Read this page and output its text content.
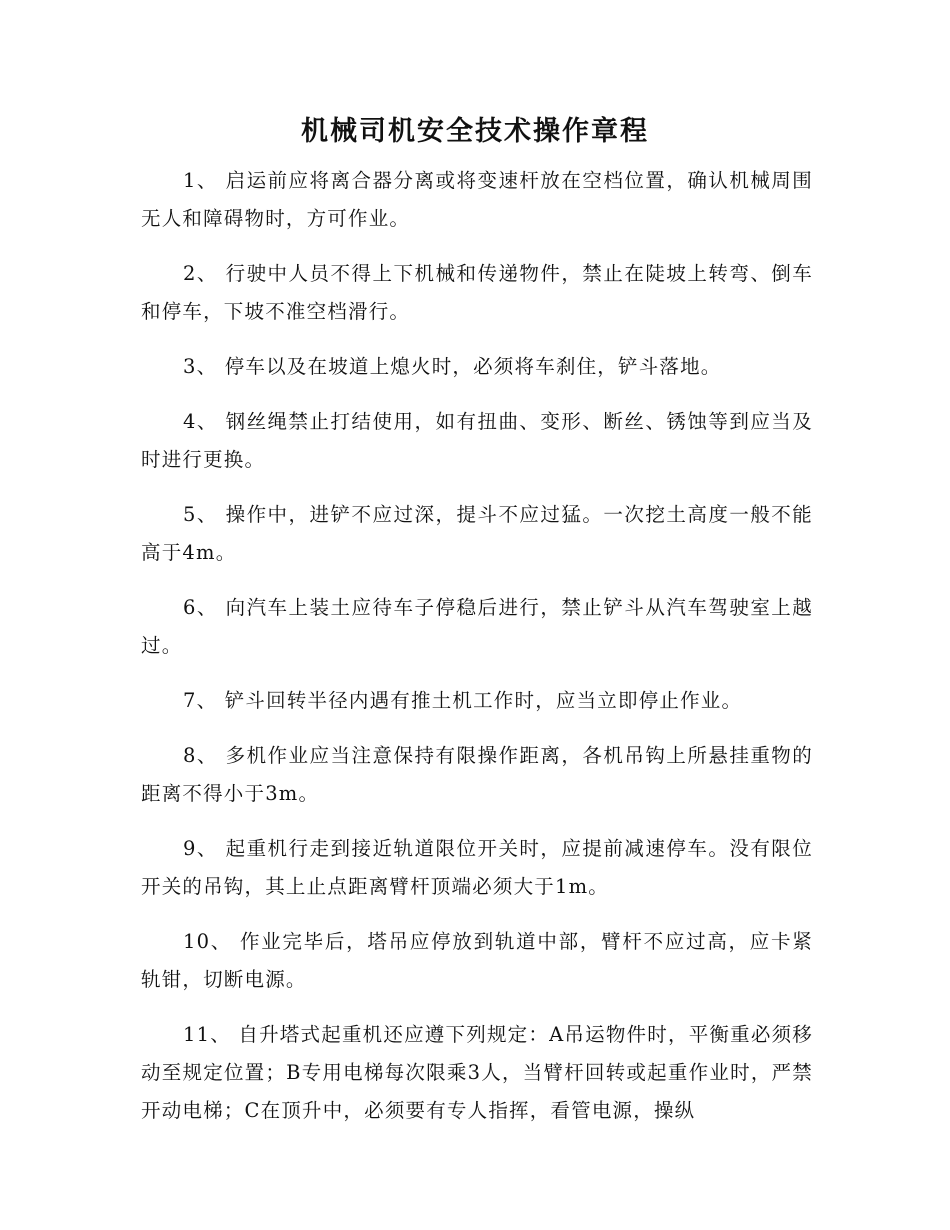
机械司机安全技术操作章程

1、 启运前应将离合器分离或将变速杆放在空档位置，确认机械周围无人和障碍物时，方可作业。

2、 行驶中人员不得上下机械和传递物件，禁止在陡坡上转弯、倒车和停车，下坡不准空档滑行。

3、 停车以及在坡道上熄火时，必须将车刹住，铲斗落地。

4、 钢丝绳禁止打结使用，如有扭曲、变形、断丝、锈蚀等到应当及时进行更换。

5、 操作中，进铲不应过深，提斗不应过猛。一次挖土高度一般不能高于4m。

6、 向汽车上装土应待车子停稳后进行，禁止铲斗从汽车驾驶室上越过。

7、 铲斗回转半径内遇有推土机工作时，应当立即停止作业。

8、 多机作业应当注意保持有限操作距离，各机吊钩上所悬挂重物的距离不得小于3m。

9、 起重机行走到接近轨道限位开关时，应提前减速停车。没有限位开关的吊钩，其上止点距离臂杆顶端必须大于1m。

10、 作业完毕后，塔吊应停放到轨道中部，臂杆不应过高，应卡紧轨钳，切断电源。

11、 自升塔式起重机还应遵下列规定：A吊运物件时，平衡重必须移动至规定位置；B专用电梯每次限乘3人，当臂杆回转或起重作业时，严禁开动电梯；C在顶升中，必须要有专人指挥，看管电源，操纵
